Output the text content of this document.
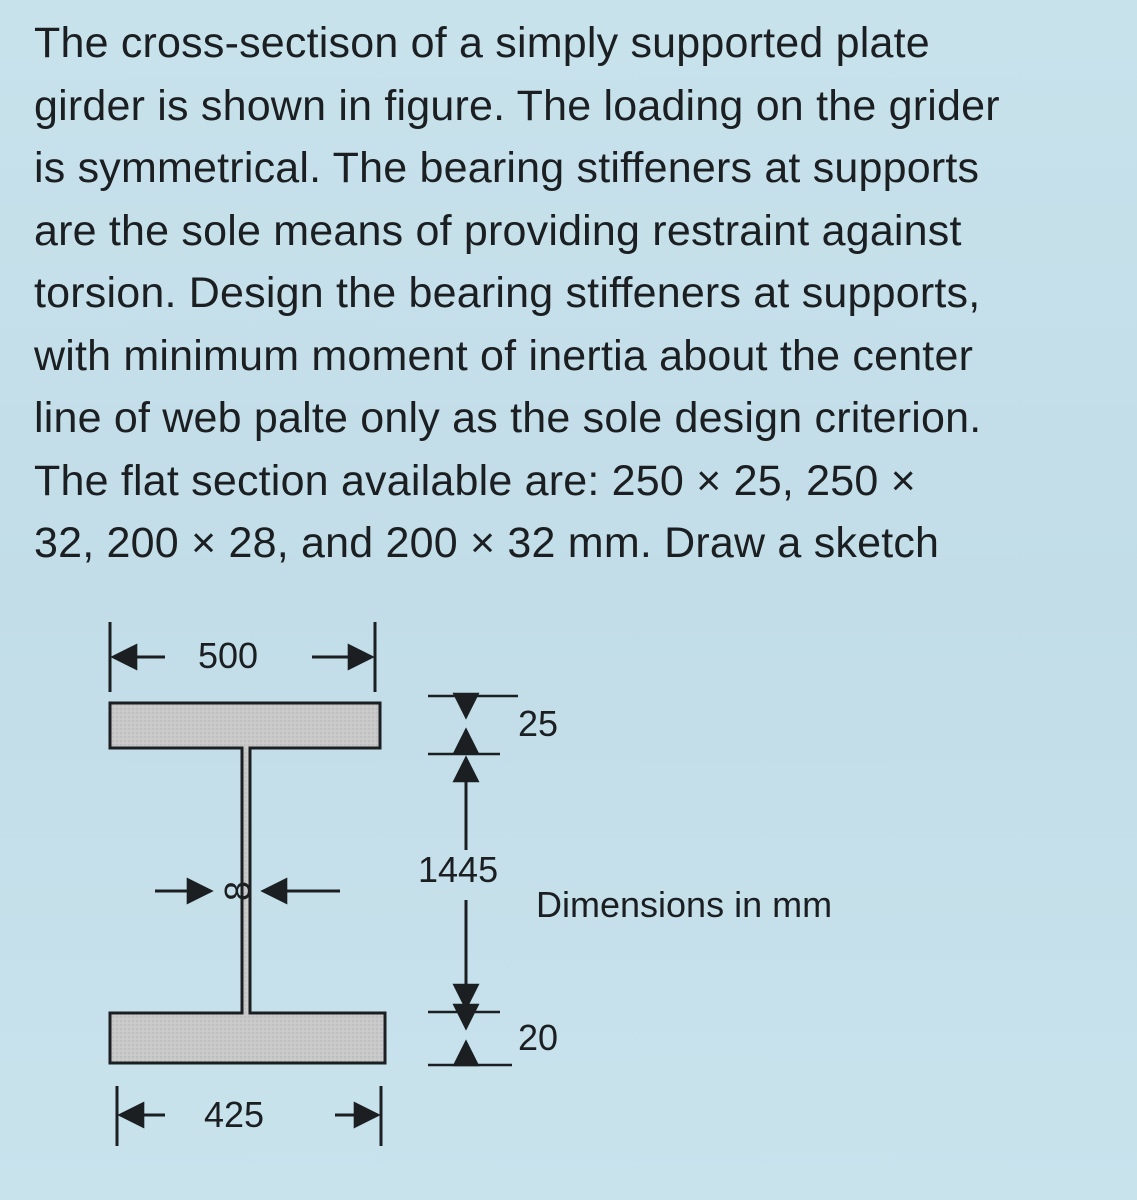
The cross-sectison of a simply supported plate
girder is shown in figure. The loading on the grider
is symmetrical. The bearing stiffeners at supports
are the sole means of providing restraint against
torsion. Design the bearing stiffeners at supports,
with minimum moment of inertia about the center
line of web palte only as the sole design criterion.
The flat section available are: 250 × 25, 250 ×
32, 200 × 28, and 200 × 32 mm. Draw a sketch
500
425
8
25
1445
20
Dimensions in mm
